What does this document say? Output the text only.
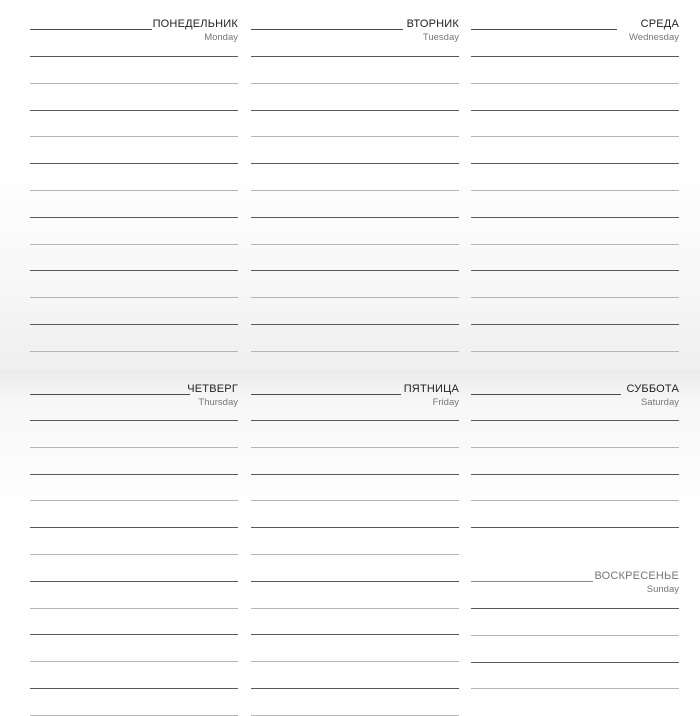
ПОНЕДЕЛЬНИК
Monday
ВТОРНИК
Tuesday
СРЕДА
Wednesday
ЧЕТВЕРГ
Thursday
ПЯТНИЦА
Friday
СУББОТА
Saturday
ВОСКРЕСЕНЬЕ
Sunday
